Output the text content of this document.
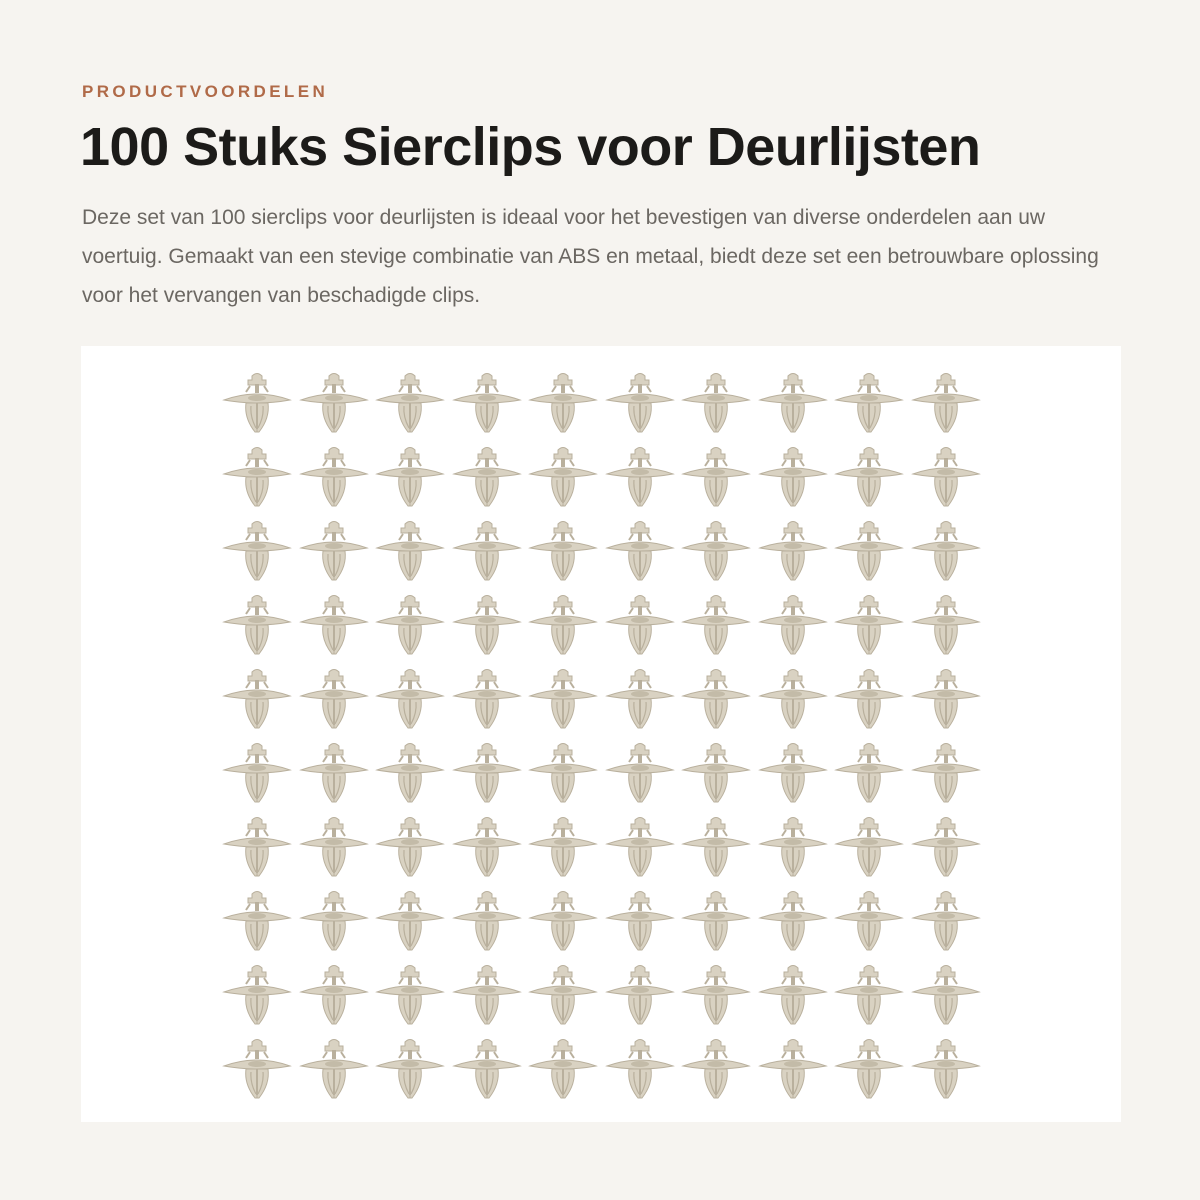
PRODUCTVOORDELEN
100 Stuks Sierclips voor Deurlijsten

Deze set van 100 sierclips voor deurlijsten is ideaal voor het bevestigen van diverse onderdelen aan uw voertuig. Gemaakt van een stevige combinatie van ABS en metaal, biedt deze set een betrouwbare oplossing voor het vervangen van beschadigde clips.
